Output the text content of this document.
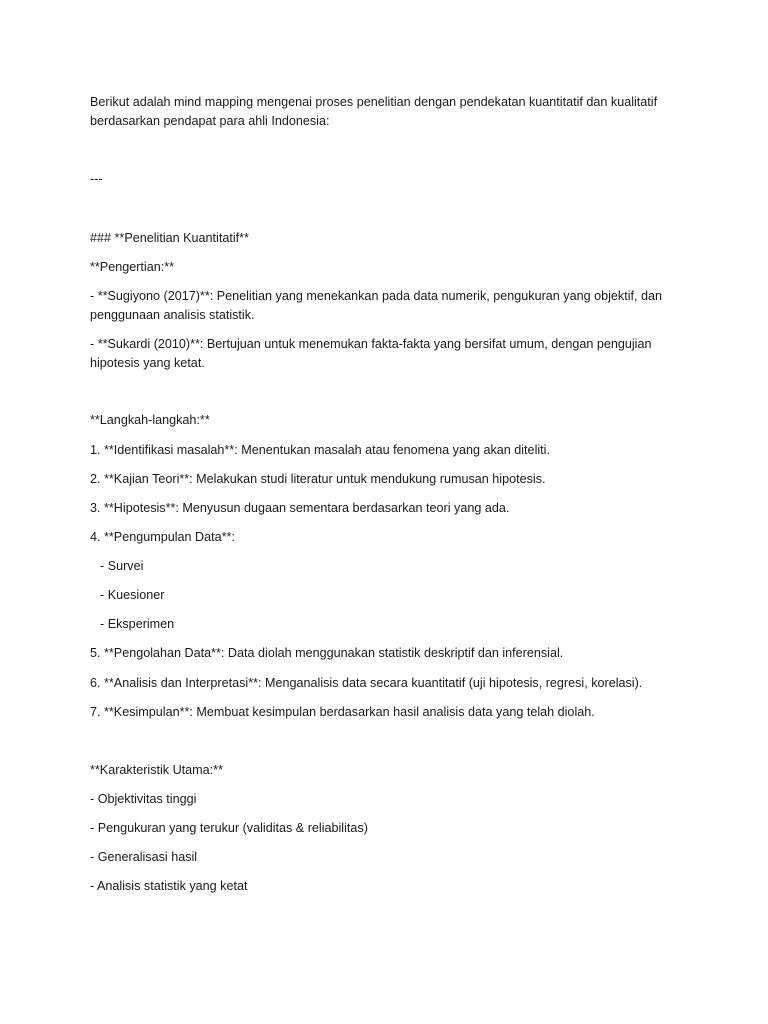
Berikut adalah mind mapping mengenai proses penelitian dengan pendekatan kuantitatif dan kualitatif berdasarkan pendapat para ahli Indonesia:

---

### **Penelitian Kuantitatif**

**Pengertian:**

- **Sugiyono (2017)**: Penelitian yang menekankan pada data numerik, pengukuran yang objektif, dan penggunaan analisis statistik.

- **Sukardi (2010)**: Bertujuan untuk menemukan fakta-fakta yang bersifat umum, dengan pengujian hipotesis yang ketat.

**Langkah-langkah:**

1. **Identifikasi masalah**: Menentukan masalah atau fenomena yang akan diteliti.

2. **Kajian Teori**: Melakukan studi literatur untuk mendukung rumusan hipotesis.

3. **Hipotesis**: Menyusun dugaan sementara berdasarkan teori yang ada.

4. **Pengumpulan Data**:

- Survei

- Kuesioner

- Eksperimen

5. **Pengolahan Data**: Data diolah menggunakan statistik deskriptif dan inferensial.

6. **Analisis dan Interpretasi**: Menganalisis data secara kuantitatif (uji hipotesis, regresi, korelasi).

7. **Kesimpulan**: Membuat kesimpulan berdasarkan hasil analisis data yang telah diolah.

**Karakteristik Utama:**

- Objektivitas tinggi

- Pengukuran yang terukur (validitas & reliabilitas)

- Generalisasi hasil

- Analisis statistik yang ketat
